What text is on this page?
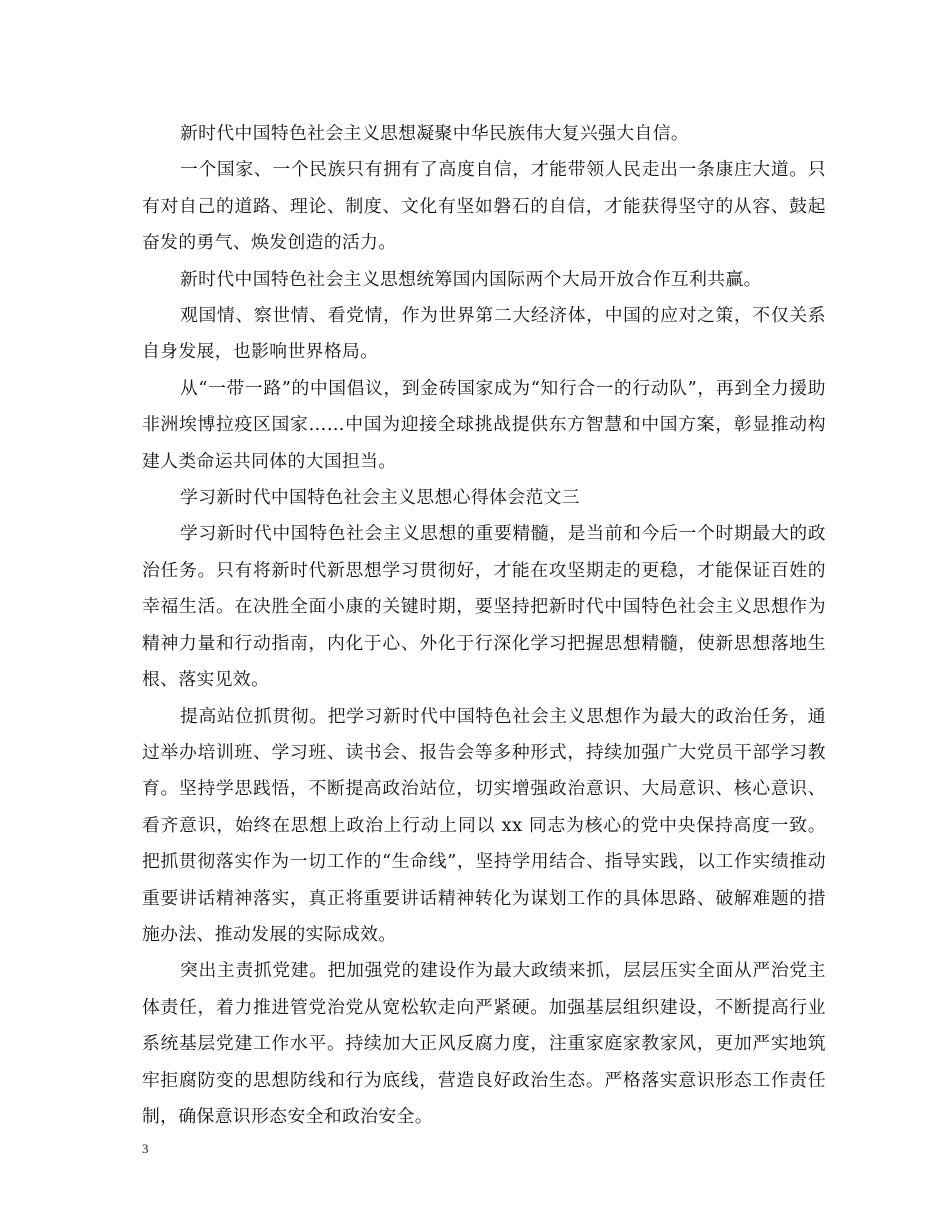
新时代中国特色社会主义思想凝聚中华民族伟大复兴强大自信。

一个国家、一个民族只有拥有了高度自信，才能带领人民走出一条康庄大道。只有对自己的道路、理论、制度、文化有坚如磐石的自信，才能获得坚守的从容、鼓起奋发的勇气、焕发创造的活力。

新时代中国特色社会主义思想统筹国内国际两个大局开放合作互利共赢。

观国情、察世情、看党情，作为世界第二大经济体，中国的应对之策，不仅关系自身发展，也影响世界格局。

从“一带一路”的中国倡议，到金砖国家成为“知行合一的行动队”，再到全力援助非洲埃博拉疫区国家……中国为迎接全球挑战提供东方智慧和中国方案，彰显推动构建人类命运共同体的大国担当。

学习新时代中国特色社会主义思想心得体会范文三

学习新时代中国特色社会主义思想的重要精髓，是当前和今后一个时期最大的政治任务。只有将新时代新思想学习贯彻好，才能在攻坚期走的更稳，才能保证百姓的幸福生活。在决胜全面小康的关键时期，要坚持把新时代中国特色社会主义思想作为精神力量和行动指南，内化于心、外化于行深化学习把握思想精髓，使新思想落地生根、落实见效。

提高站位抓贯彻。把学习新时代中国特色社会主义思想作为最大的政治任务，通过举办培训班、学习班、读书会、报告会等多种形式，持续加强广大党员干部学习教育。坚持学思践悟，不断提高政治站位，切实增强政治意识、大局意识、核心意识、看齐意识，始终在思想上政治上行动上同以 xx 同志为核心的党中央保持高度一致。把抓贯彻落实作为一切工作的“生命线”，坚持学用结合、指导实践，以工作实绩推动重要讲话精神落实，真正将重要讲话精神转化为谋划工作的具体思路、破解难题的措施办法、推动发展的实际成效。

突出主责抓党建。把加强党的建设作为最大政绩来抓，层层压实全面从严治党主体责任，着力推进管党治党从宽松软走向严紧硬。加强基层组织建设，不断提高行业系统基层党建工作水平。持续加大正风反腐力度，注重家庭家教家风，更加严实地筑牢拒腐防变的思想防线和行为底线，营造良好政治生态。严格落实意识形态工作责任制，确保意识形态安全和政治安全。

3
